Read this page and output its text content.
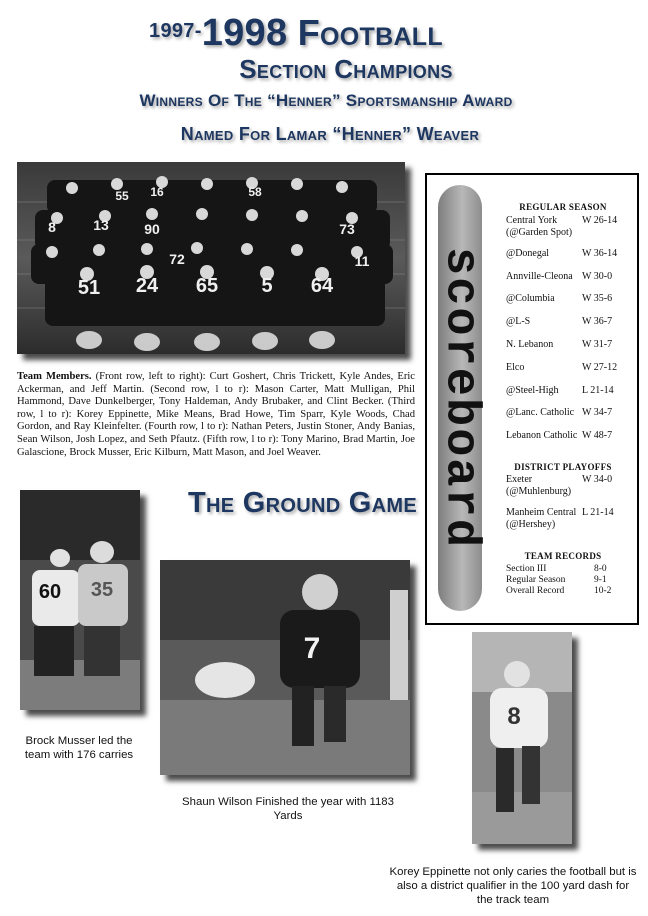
$^{1997-}$1998 Football
Section Champions
Winners Of The “Henner” Sportsmanship Award
Named For Lamar “Henner” Weaver
51 24 65 5 64
8	13	90
72	11
16	58
55
73
Team Members. (Front row, left to right): Curt Goshert, Chris Trickett, Kyle Andes, Eric Ackerman, and Jeff Martin. (Second row, l to r): Mason Carter, Matt Mulligan, Phil Hammond, Dave Dunkelberger, Tony Haldeman, Andy Brubaker, and Clint Becker. (Third row, l to r): Korey Eppinette, Mike Means, Brad Howe, Tim Sparr, Kyle Woods, Chad Gordon, and Ray Kleinfelter. (Fourth row, l to r): Nathan Peters, Justin Stoner, Andy Banias, Sean Wilson, Josh Lopez, and Seth Pfautz. (Fifth row, l to r): Tony Marino, Brad Martin, Joe Galascione, Brock Musser, Eric Kilburn, Matt Mason, and Joel Weaver.
The Ground Game
60 35
Brock Musser led the team with 176 carries
7
Shaun Wilson Finished the year with 1183 Yards
8
Korey Eppinette not only caries the football but is also a district qualifier in the 100 yard dash for the track team
scoreboard
REGULAR SEASON
Central York W 26-14
(@Garden Spot)
@Donegal	W 36-14
Annville-Cleona W 30-0
@Columbia	W 35-6
@L-S	W 36-7
N. Lebanon	W 31-7
Elco	W 27-12
@Steel-High L 21-14
@Lanc. Catholic W 34-7
Lebanon Catholic W 48-7
DISTRICT PLAYOFFS
Exeter	W 34-0
(@Muhlenburg)
Manheim Central L 21-14
(@Hershey)
TEAM RECORDS
Section III	8-0
Regular Season	9-1
Overall Record	10-2
